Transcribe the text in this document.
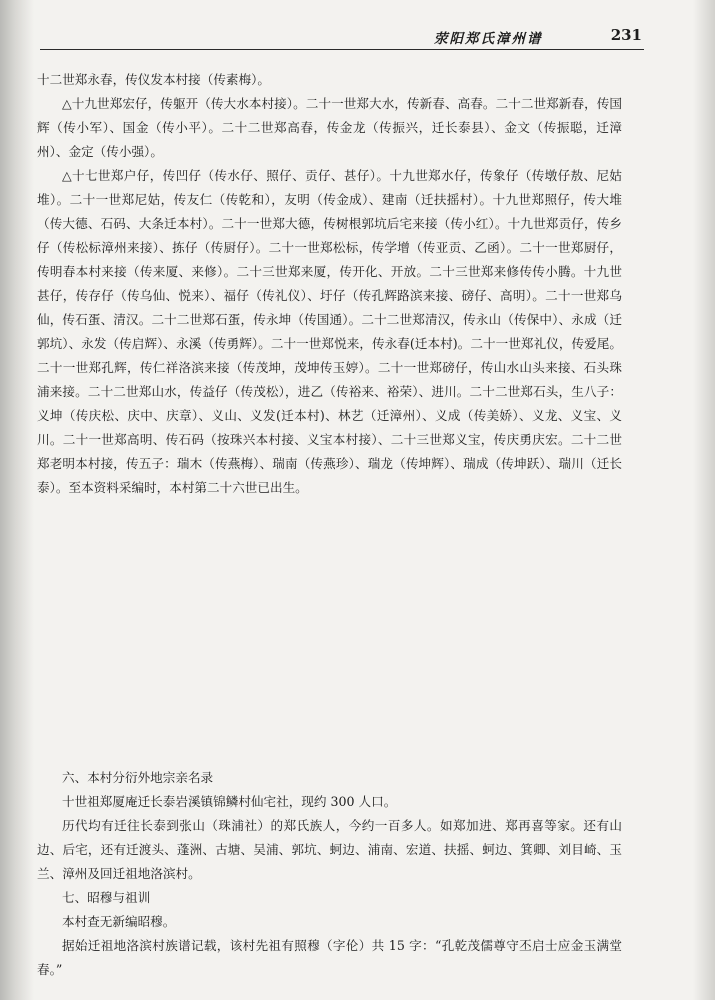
荥阳郑氏漳州谱	231

十二世郑永春，传仪发本村接（传素梅）。

△十九世郑宏仔，传躯开（传大水本村接）。二十一世郑大水，传新春、高春。二十二世郑新春，传国辉（传小军）、国金（传小平）。二十二世郑高春，传金龙（传振兴，迁长泰县）、金文（传振聪，迁漳州）、金定（传小强）。

△十七世郑户仔，传凹仔（传水仔、照仔、贡仔、甚仔）。十九世郑水仔，传象仔（传墩仔敖、尼姑堆）。二十一世郑尼姑，传友仁（传乾和），友明（传金成）、建南（迁扶摇村）。十九世郑照仔，传大堆（传大德、石码、大条迁本村）。二十一世郑大德，传树根郭坑后宅来接（传小红）。十九世郑贡仔，传乡仔（传松标漳州来接）、拣仔（传厨仔）。二十一世郑松标，传学增（传亚贡、乙函）。二十一世郑厨仔，传明春本村来接（传来厦、来修）。二十三世郑来厦，传开化、开放。二十三世郑来修传传小腾。十九世甚仔，传存仔（传乌仙、悦来）、福仔（传礼仪）、圩仔（传孔辉路滨来接、磅仔、高明）。二十一世郑乌仙，传石蛋、清汉。二十二世郑石蛋，传永坤（传国通）。二十二世郑清汉，传永山（传保中）、永成（迁郭坑）、永发（传启辉）、永溪（传勇辉）。二十一世郑悦来，传永春(迁本村)。二十一世郑礼仪，传爱尾。二十一世郑孔辉，传仁祥洛滨来接（传茂坤，茂坤传玉婷）。二十一世郑磅仔，传山水山头来接、石头珠浦来接。二十二世郑山水，传益仔（传茂松），进乙（传裕来、裕荣）、进川。二十二世郑石头，生八子：义坤（传庆松、庆中、庆章）、义山、义发(迁本村)、林艺（迁漳州）、义成（传美娇）、义龙、义宝、义川。二十一世郑高明、传石码（按珠兴本村接、义宝本村接）、二十三世郑义宝，传庆勇庆宏。二十二世郑老明本村接，传五子：瑞木（传燕梅）、瑞南（传燕珍）、瑞龙（传坤辉）、瑞成（传坤跃）、瑞川（迁长泰）。至本资料采编时，本村第二十六世已出生。

六、本村分衍外地宗亲名录

十世祖郑厦庵迁长泰岩溪镇锦鳞村仙宅社，现约 300 人口。

历代均有迁往长泰到张山（珠浦社）的郑氏族人，今约一百多人。如郑加进、郑再喜等家。还有山边、后宅，还有迁渡头、蓬洲、古塘、吴浦、郭坑、蚵边、浦南、宏道、扶摇、蚵边、箕卿、刘目崎、玉兰、漳州及回迁祖地洛滨村。

七、昭穆与祖训

本村查无新编昭穆。

据始迁祖地洛滨村族谱记载，该村先祖有照穆（字伦）共 15 字：“孔乾茂儒尊守丕启士应金玉满堂春。”
